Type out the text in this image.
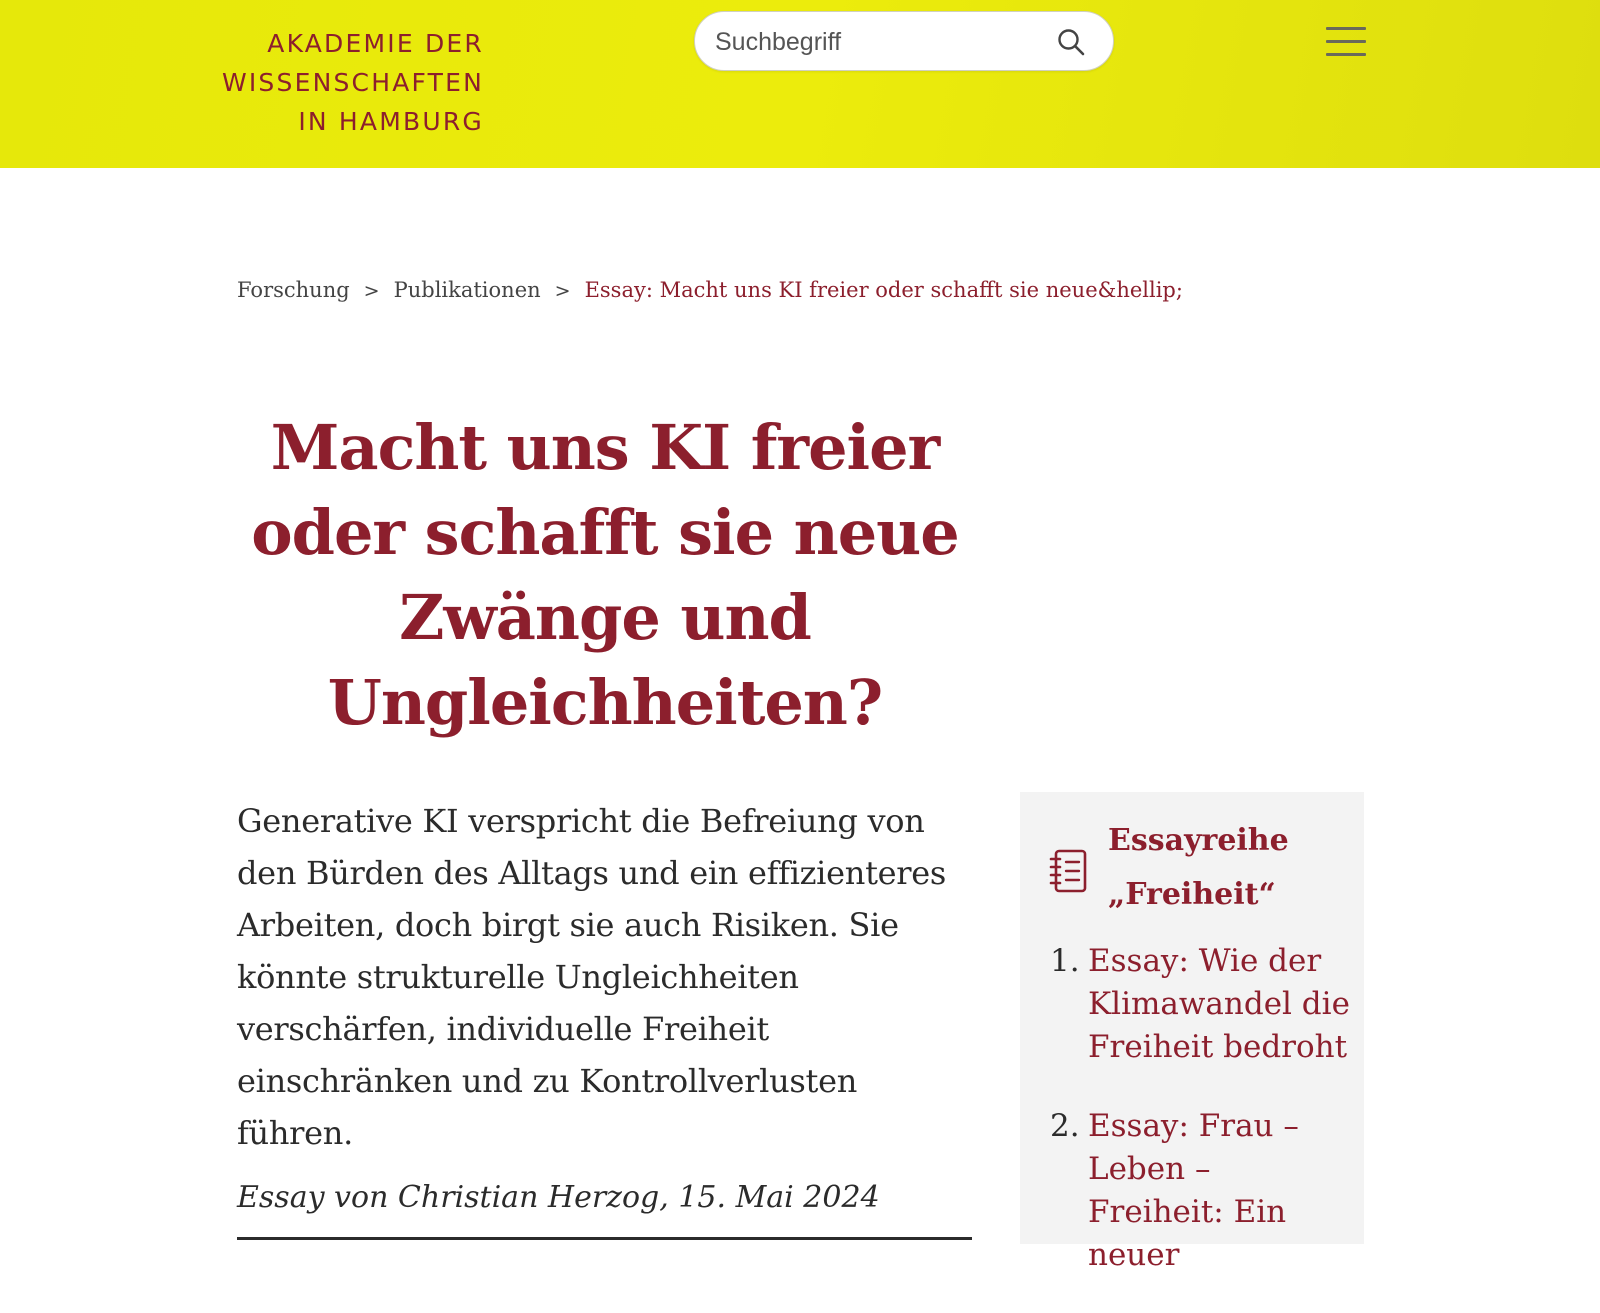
AKADEMIE DER
WISSENSCHAFTEN
IN HAMBURG
Suchbegriff
Forschung > Publikationen > Essay: Macht uns KI freier oder schafft sie neue&hellip;
Macht uns KI freier
oder schafft sie neue
Zwänge und
Ungleichheiten?

Generative KI verspricht die Befreiung von den Bürden des Alltags und ein effizienteres Arbeiten, doch birgt sie auch Risiken. Sie könnte strukturelle Ungleichheiten verschärfen, individuelle Freiheit einschränken und zu Kontrollverlusten führen.

Essay von Christian Herzog, 15. Mai 2024
Essayreihe
„Freiheit“
1. Essay: Wie der Klimawandel die Freiheit bedroht
2. Essay: Frau – Leben – Freiheit: Ein neuer
